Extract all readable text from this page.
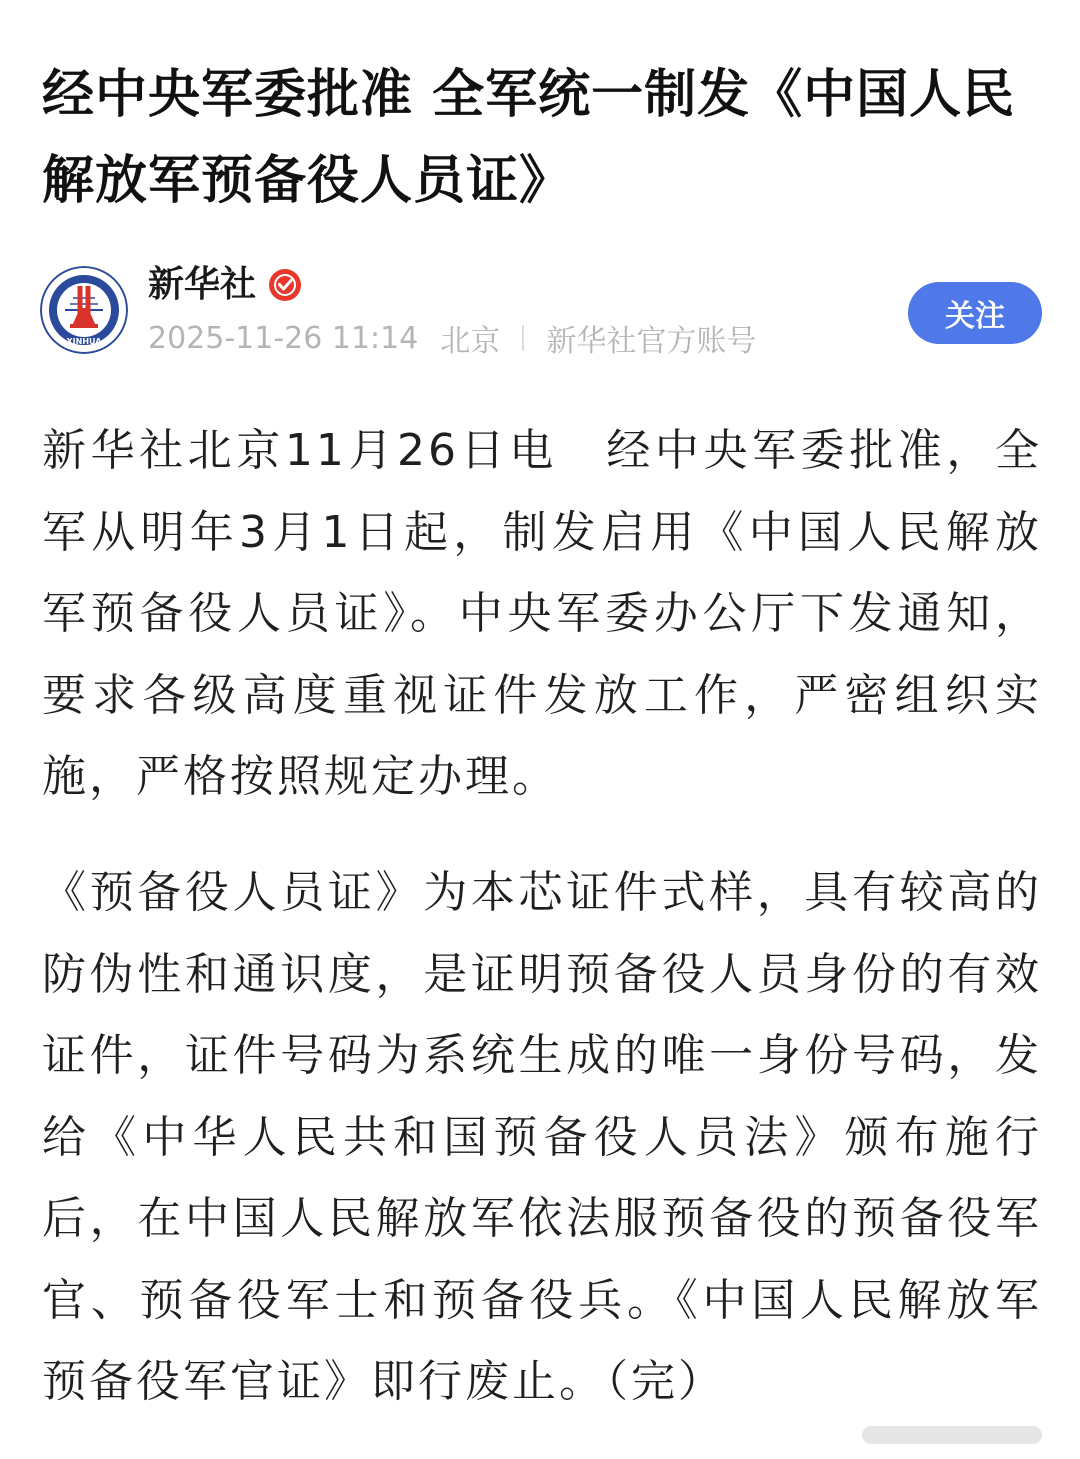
经中央军委批准 全军统一制发《中国人民解放军预备役人员证》
XINHUA
新华社
2025-11-26 11:14 北京 新华社官方账号
关注

新华社北京11月26日电　经中央军委批准，全军从明年3月1日起，制发启用《中国人民解放军预备役人员证》。中央军委办公厅下发通知，要求各级高度重视证件发放工作，严密组织实施，严格按照规定办理。

《预备役人员证》为本芯证件式样，具有较高的防伪性和通识度，是证明预备役人员身份的有效证件，证件号码为系统生成的唯一身份号码，发给《中华人民共和国预备役人员法》颁布施行后，在中国人民解放军依法服预备役的预备役军官、预备役军士和预备役兵。《中国人民解放军预备役军官证》即行废止。（完）
